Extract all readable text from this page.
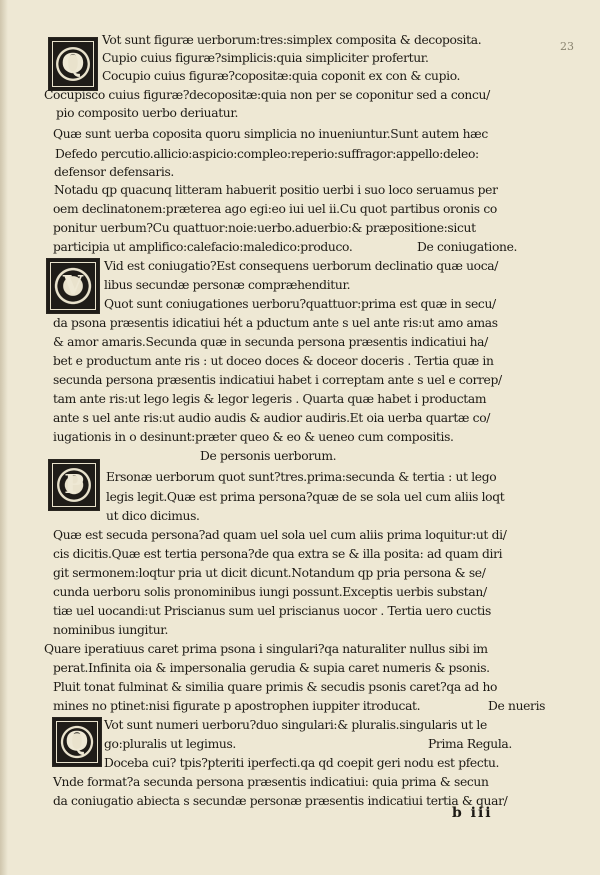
23
Q
V
P
Q
Vot sunt figuræ uerborum:tres:simplex composita & decoposita.
Cupio cuius figuræ?simplicis:quia simpliciter profertur.
Cocupio cuius figuræ?copositæ:quia coponit ex con & cupio.
Cocupisco cuius figuræ?decopositæ:quia non per se coponitur sed a concu/
pio composito uerbo deriuatur.
Quæ sunt uerba coposita quoru simplicia no inueniuntur.Sunt autem hæc
Defedo percutio.allicio:aspicio:compleo:reperio:suffragor:appello:deleo:
defensor defensaris.
Notadu qp quacunq litteram habuerit positio uerbi i suo loco seruamus per
oem declinatonem:præterea ago egi:eo iui uel ii.Cu quot partibus oronis co
ponitur uerbum?Cu quattuor:noie:uerbo.aduerbio:& præpositione:sicut
participia ut amplifico:calefacio:maledico:produco.	De coniugatione.
Vid est coniugatio?Est consequens uerborum declinatio quæ uoca/
libus secundæ personæ compræhenditur.
Quot sunt coniugationes uerboru?quattuor:prima est quæ in secu/
da psona præsentis idicatiui hét a pductum ante s uel ante ris:ut amo amas
& amor amaris.Secunda quæ in secunda persona præsentis indicatiui ha/
bet e productum ante ris : ut doceo doces & doceor doceris . Tertia quæ in
secunda persona præsentis indicatiui habet i correptam ante s uel e correp/
tam ante ris:ut lego legis & legor legeris . Quarta quæ habet i productam
ante s uel ante ris:ut audio audis & audior audiris.Et oia uerba quartæ co/
iugationis in o desinunt:præter queo & eo & ueneo cum compositis.
De personis uerborum.
Ersonæ uerborum quot sunt?tres.prima:secunda & tertia : ut lego
legis legit.Quæ est prima persona?quæ de se sola uel cum aliis loqt
ut dico dicimus.
Quæ est secuda persona?ad quam uel sola uel cum aliis prima loquitur:ut di/
cis dicitis.Quæ est tertia persona?de qua extra se & illa posita: ad quam diri
git sermonem:loqtur pria ut dicit dicunt.Notandum qp pria persona & se/
cunda uerboru solis pronominibus iungi possunt.Exceptis uerbis substan/
tiæ uel uocandi:ut Priscianus sum uel priscianus uocor . Tertia uero cuctis
nominibus iungitur.
Quare iperatiuus caret prima psona i singulari?qa naturaliter nullus sibi im
perat.Infinita oia & impersonalia gerudia & supia caret numeris & psonis.
Pluit tonat fulminat & similia quare primis & secudis psonis caret?qa ad ho
mines no ptinet:nisi figurate p apostrophen iuppiter itroducat.	De nueris
Vot sunt numeri uerboru?duo singulari:& pluralis.singularis ut le
go:pluralis ut legimus.	Prima Regula.
Doceba cui? tpis?pteriti iperfecti.qa qd coepit geri nodu est pfectu.
Vnde format?a secunda persona præsentis indicatiui: quia prima & secun
da coniugatio abiecta s secundæ personæ præsentis indicatiui tertia & quar/
b iii
